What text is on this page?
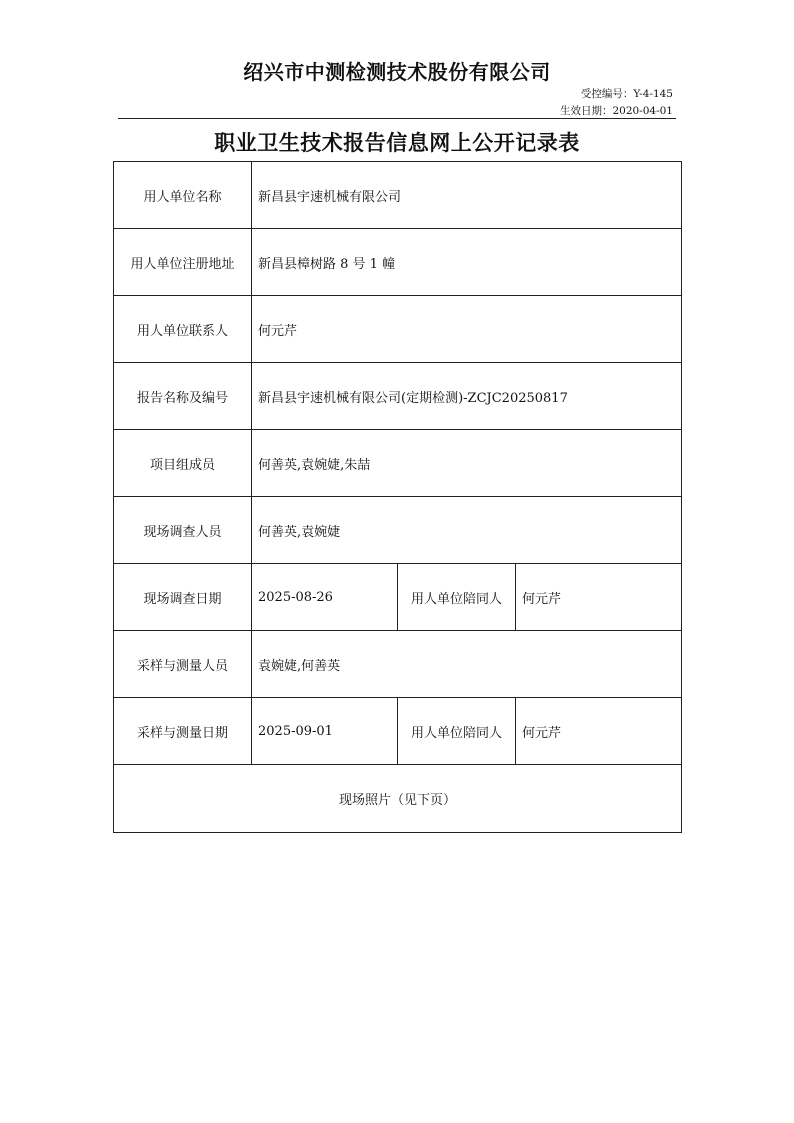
绍兴市中测检测技术股份有限公司
受控编号：Y-4-145
生效日期：2020-04-01
职业卫生技术报告信息网上公开记录表
用人单位名称	新昌县宇速机械有限公司		
用人单位注册地址	新昌县樟树路 8 号 1 幢		
用人单位联系人	何元芹		
报告名称及编号	新昌县宇速机械有限公司(定期检测)-ZCJC20250817		
项目组成员	何善英,袁婉婕,朱喆		
现场调查人员	何善英,袁婉婕		
现场调查日期	2025-08-26	用人单位陪同人	何元芹
采样与测量人员	袁婉婕,何善英		
采样与测量日期	2025-09-01	用人单位陪同人	何元芹
现场照片（见下页）			
